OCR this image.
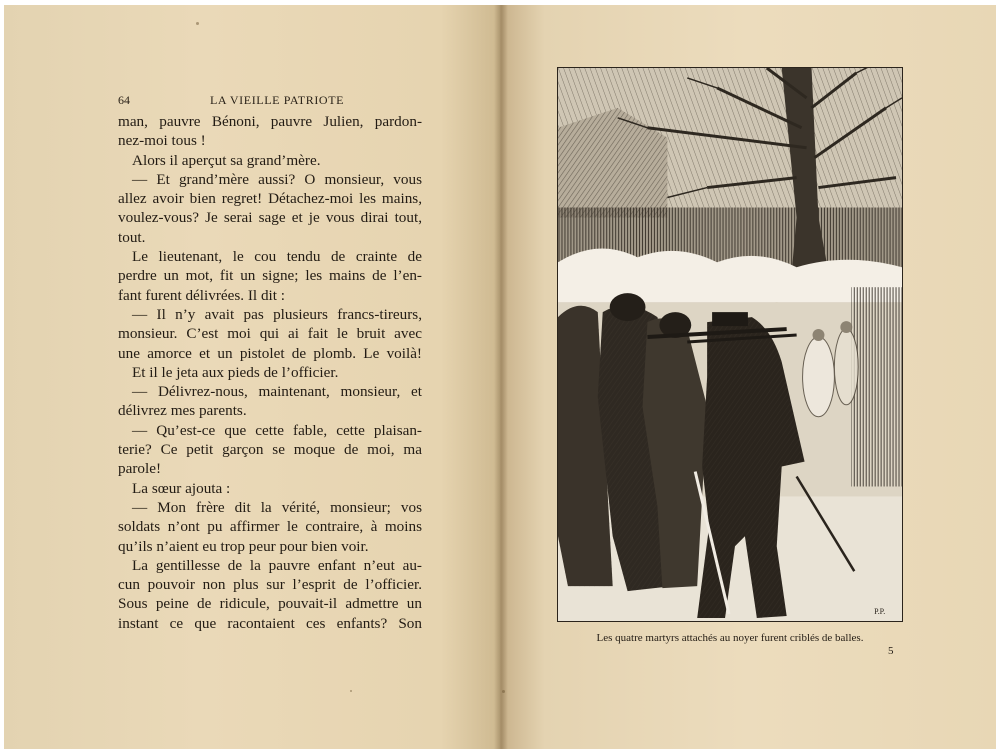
64	LA VIEILLE PATRIOTE
man, pauvre Bénoni, pauvre Julien, pardon-
nez-moi tous !
Alors il aperçut sa grand’mère.
— Et grand’mère aussi? O monsieur, vous
allez avoir bien regret! Détachez-moi les mains,
voulez-vous? Je serai sage et je vous dirai tout,
tout.
Le lieutenant, le cou tendu de crainte de
perdre un mot, fit un signe; les mains de l’en-
fant furent délivrées. Il dit :
— Il n’y avait pas plusieurs francs-tireurs,
monsieur. C’est moi qui ai fait le bruit avec
une amorce et un pistolet de plomb. Le voilà!
Et il le jeta aux pieds de l’officier.
— Délivrez-nous, maintenant, monsieur, et
délivrez mes parents.
— Qu’est-ce que cette fable, cette plaisan-
terie? Ce petit garçon se moque de moi, ma
parole!
La sœur ajouta :
— Mon frère dit la vérité, monsieur; vos
soldats n’ont pu affirmer le contraire, à moins
qu’ils n’aient eu trop peur pour bien voir.
La gentillesse de la pauvre enfant n’eut au-
cun pouvoir non plus sur l’esprit de l’officier.
Sous peine de ridicule, pouvait-il admettre un
instant ce que racontaient ces enfants? Son
P.P.
Les quatre martyrs attachés au noyer furent criblés de balles.
5
